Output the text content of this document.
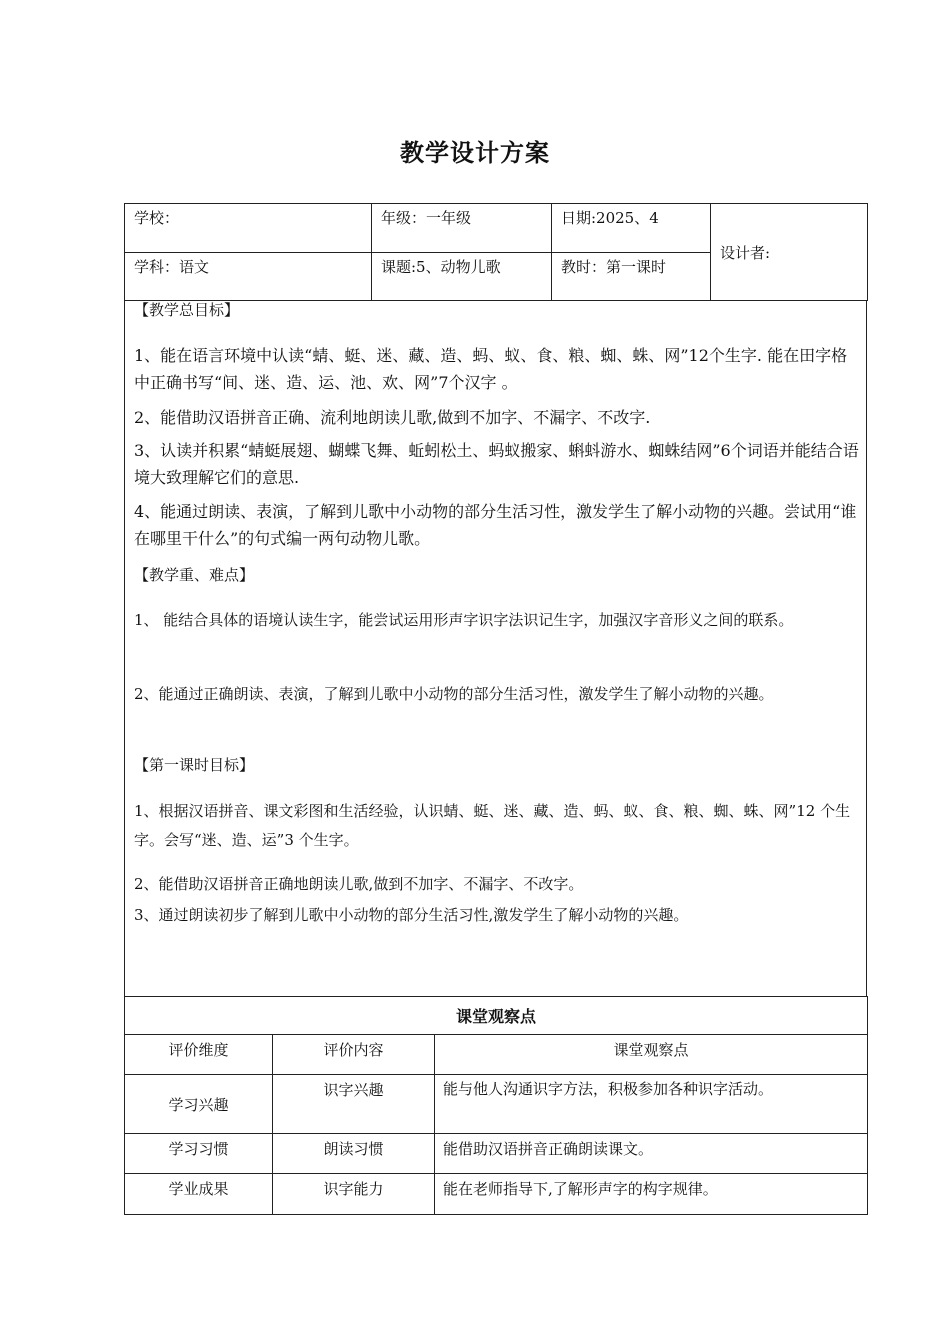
教学设计方案
学校：	年级：一年级	日期:2025、4	设计者:
学科：语文	课题:5、动物儿歌	教时：第一课时	
【教学总目标】
1、能在语言环境中认读“蜻、蜓、迷、藏、造、蚂、蚁、食、粮、蜘、蛛、网”12个生字. 能在田字格中正确书写“间、迷、造、运、池、欢、网”7个汉字 。
2、能借助汉语拼音正确、流利地朗读儿歌,做到不加字、不漏字、不改字.
3、认读并积累“蜻蜓展翅、蝴蝶飞舞、蚯蚓松土、蚂蚁搬家、蝌蚪游水、蜘蛛结网”6个词语并能结合语境大致理解它们的意思.
4、能通过朗读、表演，了解到儿歌中小动物的部分生活习性，激发学生了解小动物的兴趣。尝试用“谁在哪里干什么”的句式编一两句动物儿歌。
【教学重、难点】
1、 能结合具体的语境认读生字，能尝试运用形声字识字法识记生字，加强汉字音形义之间的联系。
2、能通过正确朗读、表演，了解到儿歌中小动物的部分生活习性，激发学生了解小动物的兴趣。
【第一课时目标】
1、根据汉语拼音、课文彩图和生活经验，认识蜻、蜓、迷、藏、造、蚂、蚁、食、粮、蜘、蛛、网”12 个生字。会写“迷、造、运”3 个生字。
2、能借助汉语拼音正确地朗读儿歌,做到不加字、不漏字、不改字。
3、通过朗读初步了解到儿歌中小动物的部分生活习性,激发学生了解小动物的兴趣。
课堂观察点		
评价维度	评价内容	课堂观察点
学习兴趣	识字兴趣	能与他人沟通识字方法，积极参加各种识字活动。
学习习惯	朗读习惯	能借助汉语拼音正确朗读课文。
学业成果	识字能力	能在老师指导下,了解形声字的构字规律。
